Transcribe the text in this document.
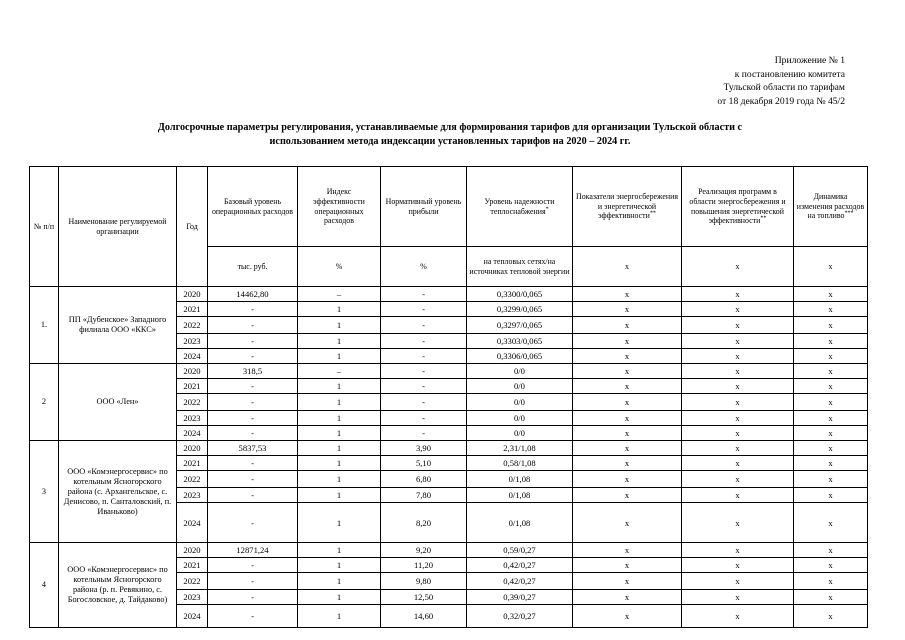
Приложение № 1
к постановлению комитета
Тульской области по тарифам
от 18 декабря 2019 года № 45/2
Долгосрочные параметры регулирования, устанавливаемые для формирования тарифов для организации Тульской области с
использованием метода индексации установленных тарифов на 2020 – 2024 гг.
№ п/п	Наименование регулируемой организации	Год	Базовый уровень операционных расходов	Индекс эффективности операционных расходов	Нормативный уровень прибыли	Уровень надежности теплоснабжения*	Показатели энергосбережения и энергетической эффективности**	Реализация программ в области энергосбережения и повышения энергетической эффективности**	Динамика изменения расходов на топливо***
			тыс. руб.	%	%	на тепловых сетях/на источниках тепловой энергии	х	х	х
1.	ПП «Дубенское» Западного филиала ООО «ККС»	2020	14462,80	–	-	0,3300/0,065	х	х	х
		2021	-	1	-	0,3299/0,065	х	х	х
		2022	-	1	-	0,3297/0,065	х	х	х
		2023	-	1	-	0,3303/0,065	х	х	х
		2024	-	1	-	0,3306/0,065	х	х	х
2	ООО «Лен»	2020	318,5	–	-	0/0	х	х	х
		2021	-	1	-	0/0	х	х	х
		2022	-	1	-	0/0	х	х	х
		2023	-	1	-	0/0	х	х	х
		2024	-	1	-	0/0	х	х	х
3	ООО «Комэнергосервис» по котельным Ясногорского района (с. Архангельское, с. Денисово, п. Санталовский, п. Иваньково)	2020	5837,53	1	3,90	2,31/1,08	х	х	х
		2021	-	1	5,10	0,58/1,08	х	х	х
		2022	-	1	6,80	0/1,08	х	х	х
		2023	-	1	7,80	0/1,08	х	х	х
		2024	-	1	8,20	0/1,08	х	х	х
4	ООО «Комэнергосервис» по котельным Ясногорского района (р. п. Ревякино, с. Богословское, д. Тайдаково)	2020	12871,24	1	9,20	0,59/0,27	х	х	х
		2021	-	1	11,20	0,42/0,27	х	х	х
		2022	-	1	9,80	0,42/0,27	х	х	х
		2023	-	1	12,50	0,39/0,27	х	х	х
		2024	-	1	14,60	0,32/0,27	х	х	х
